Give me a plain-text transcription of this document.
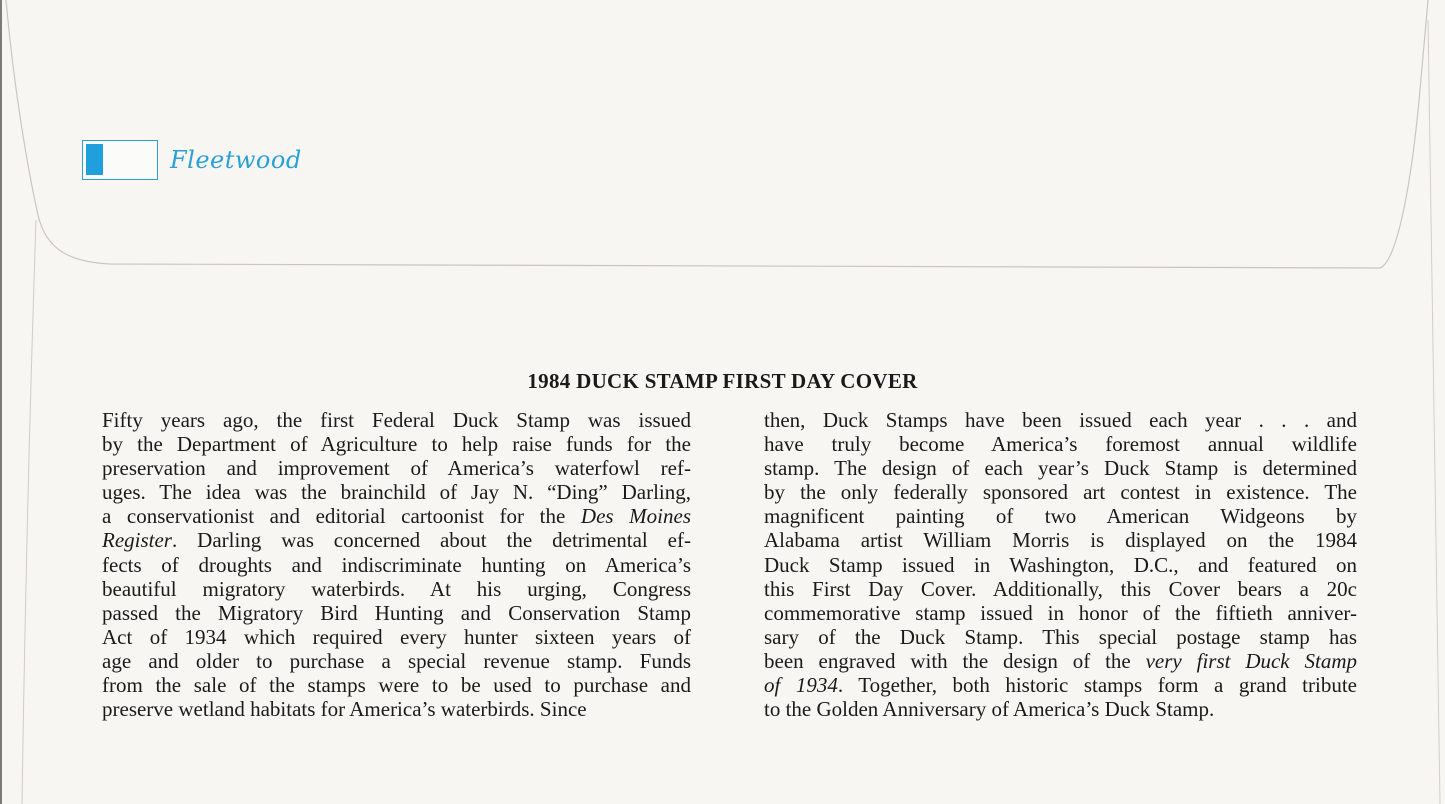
Fleetwood
1984 DUCK STAMP FIRST DAY COVER
Fifty years ago, the first Federal Duck Stamp was issued
by the Department of Agriculture to help raise funds for the
preservation and improvement of America’s waterfowl ref-
uges. The idea was the brainchild of Jay N. “Ding” Darling,
a conservationist and editorial cartoonist for the Des Moines
Register. Darling was concerned about the detrimental ef-
fects of droughts and indiscriminate hunting on America’s
beautiful migratory waterbirds. At his urging, Congress
passed the Migratory Bird Hunting and Conservation Stamp
Act of 1934 which required every hunter sixteen years of
age and older to purchase a special revenue stamp. Funds
from the sale of the stamps were to be used to purchase and
preserve wetland habitats for America’s waterbirds. Since
then, Duck Stamps have been issued each year . . . and
have truly become America’s foremost annual wildlife
stamp. The design of each year’s Duck Stamp is determined
by the only federally sponsored art contest in existence. The
magnificent painting of two American Widgeons by
Alabama artist William Morris is displayed on the 1984
Duck Stamp issued in Washington, D.C., and featured on
this First Day Cover. Additionally, this Cover bears a 20c
commemorative stamp issued in honor of the fiftieth anniver-
sary of the Duck Stamp. This special postage stamp has
been engraved with the design of the very first Duck Stamp
of 1934. Together, both historic stamps form a grand tribute
to the Golden Anniversary of America’s Duck Stamp.
